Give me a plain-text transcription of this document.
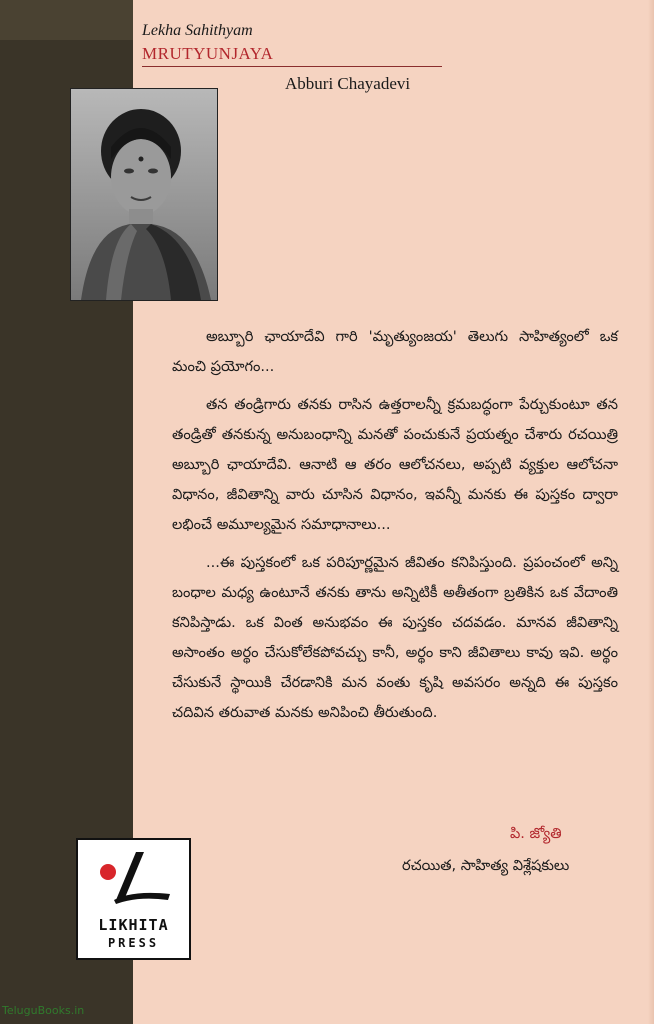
Lekha Sahithyam
MRUTYUNJAYA
Abburi Chayadevi

అబ్బూరి ఛాయాదేవి గారి 'మృత్యుంజయ' తెలుగు సాహిత్యంలో ఒక మంచి ప్రయోగం...

తన తండ్రిగారు తనకు రాసిన ఉత్తరాలన్నీ క్రమబద్ధంగా పేర్చుకుంటూ తన తండ్రితో తనకున్న అనుబంధాన్ని మనతో పంచుకునే ప్రయత్నం చేశారు రచయిత్రి అబ్బూరి ఛాయాదేవి. ఆనాటి ఆ తరం ఆలోచనలు, అప్పటి వ్యక్తుల ఆలోచనా విధానం, జీవితాన్ని వారు చూసిన విధానం, ఇవన్నీ మనకు ఈ పుస్తకం ద్వారా లభించే అమూల్యమైన సమాధానాలు...

...ఈ పుస్తకంలో ఒక పరిపూర్ణమైన జీవితం కనిపిస్తుంది. ప్రపంచంలో అన్ని బంధాల మధ్య ఉంటూనే తనకు తాను అన్నిటికీ అతీతంగా బ్రతికిన ఒక వేదాంతి కనిపిస్తాడు. ఒక వింత అనుభవం ఈ పుస్తకం చదవడం. మానవ జీవితాన్ని అసాంతం అర్థం చేసుకోలేకపోవచ్చు కానీ, అర్థం కాని జీవితాలు కావు ఇవి. అర్థం చేసుకునే స్థాయికి చేరడానికి మన వంతు కృషి అవసరం అన్నది ఈ పుస్తకం చదివిన తరువాత మనకు అనిపించి తీరుతుంది.

పి. జ్యోతి
రచయిత, సాహిత్య విశ్లేషకులు
LIKHITA
PRESS
TeluguBooks.in
